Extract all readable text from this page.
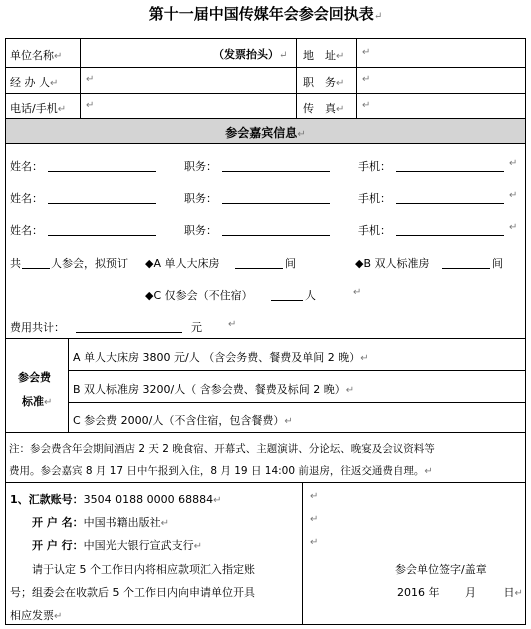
第十一届中国传媒年会参会回执表↵
单位名称↵	（发票抬头）↵ 地　址↵ ↵
经 办 人↵	↵	职　务↵ ↵
电话/手机↵ ↵	传　真↵ ↵
参会嘉宾信息↵
姓名：	职务：	手机：	↵
姓名：	职务：	手机：	↵
姓名：	职务：	手机：	↵
共	人参会，拟预订 ◆A 单人大床房	间	◆B 双人标准房	间
◆C 仅参会（不住宿）	人	↵
费用共计：	元	↵
参会费
标准↵
A 单人大床房 3800 元/人 （含会务费、餐费及单间 2 晚）↵
B 双人标准房 3200/人（ 含参会费、餐费及标间 2 晚）↵
C 参会费 2000/人（不含住宿，包含餐费）↵
注：参会费含年会期间酒店 2 天 2 晚食宿、开幕式、主题演讲、分论坛、晚宴及会议资料等
费用。参会嘉宾 8 月 17 日中午报到入住，8 月 19 日 14:00 前退房，往返交通费自理。↵
1、汇款账号：3504 0188 0000 68884↵
开 户 名：中国书籍出版社↵
开 户 行：中国光大银行宣武支行↵
请于认定 5 个工作日内将相应款项汇入指定账
号；组委会在收款后 5 个工作日内向申请单位开具
相应发票↵
↵
↵
↵
参会单位签字/盖章
2016 年 月	日↵
